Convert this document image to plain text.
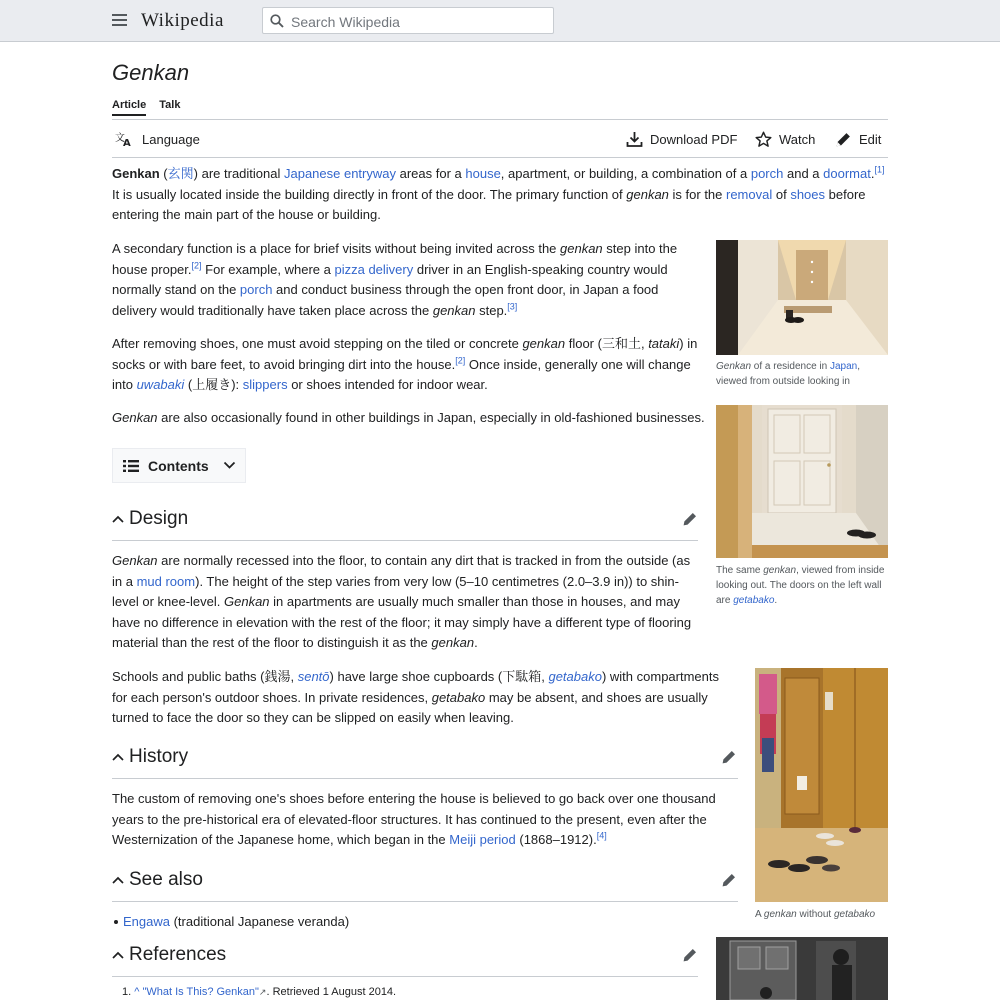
Wikipedia
Search Wikipedia
Genkan
Article Talk
文
A Language	Download PDF	Watch	Edit

Genkan (玄関) are traditional Japanese entryway areas for a house, apartment, or building, a combination of a porch and a doormat.[1] It is usually located inside the building directly in front of the door. The primary function of genkan is for the removal of shoes before entering the main part of the house or building.

A secondary function is a place for brief visits without being invited across the genkan step into the house proper.[2] For example, where a pizza delivery driver in an English-speaking country would normally stand on the porch and conduct business through the open front door, in Japan a food delivery would traditionally have taken place across the genkan step.[3]

After removing shoes, one must avoid stepping on the tiled or concrete genkan floor (三和土, tataki) in socks or with bare feet, to avoid bringing dirt into the house.[2] Once inside, generally one will change into uwabaki (上履き): slippers or shoes intended for indoor wear.

Genkan are also occasionally found in other buildings in Japan, especially in old-fashioned businesses.

Contents
Design

Genkan are normally recessed into the floor, to contain any dirt that is tracked in from the outside (as in a mud room). The height of the step varies from very low (5–10 centimetres (2.0–3.9 in)) to shin-level or knee-level. Genkan in apartments are usually much smaller than those in houses, and may have no difference in elevation with the rest of the floor; it may simply have a different type of flooring material than the rest of the floor to distinguish it as the genkan.

Schools and public baths (銭湯, sentō) have large shoe cupboards (下駄箱, getabako) with compartments for each person's outdoor shoes. In private residences, getabako may be absent, and shoes are usually turned to face the door so they can be slipped on easily when leaving.

History

The custom of removing one's shoes before entering the house is believed to go back over one thousand years to the pre-historical era of elevated-floor structures. It has continued to the present, even after the Westernization of the Japanese home, which began in the Meiji period (1868–1912).[4]

See also
Engawa (traditional Japanese veranda)
References
1. ^ "What Is This? Genkan"↗. Retrieved 1 August 2014.
Genkan of a residence in Japan, viewed from outside looking in
The same genkan, viewed from inside looking out. The doors on the left wall are getabako.
A genkan without getabako
